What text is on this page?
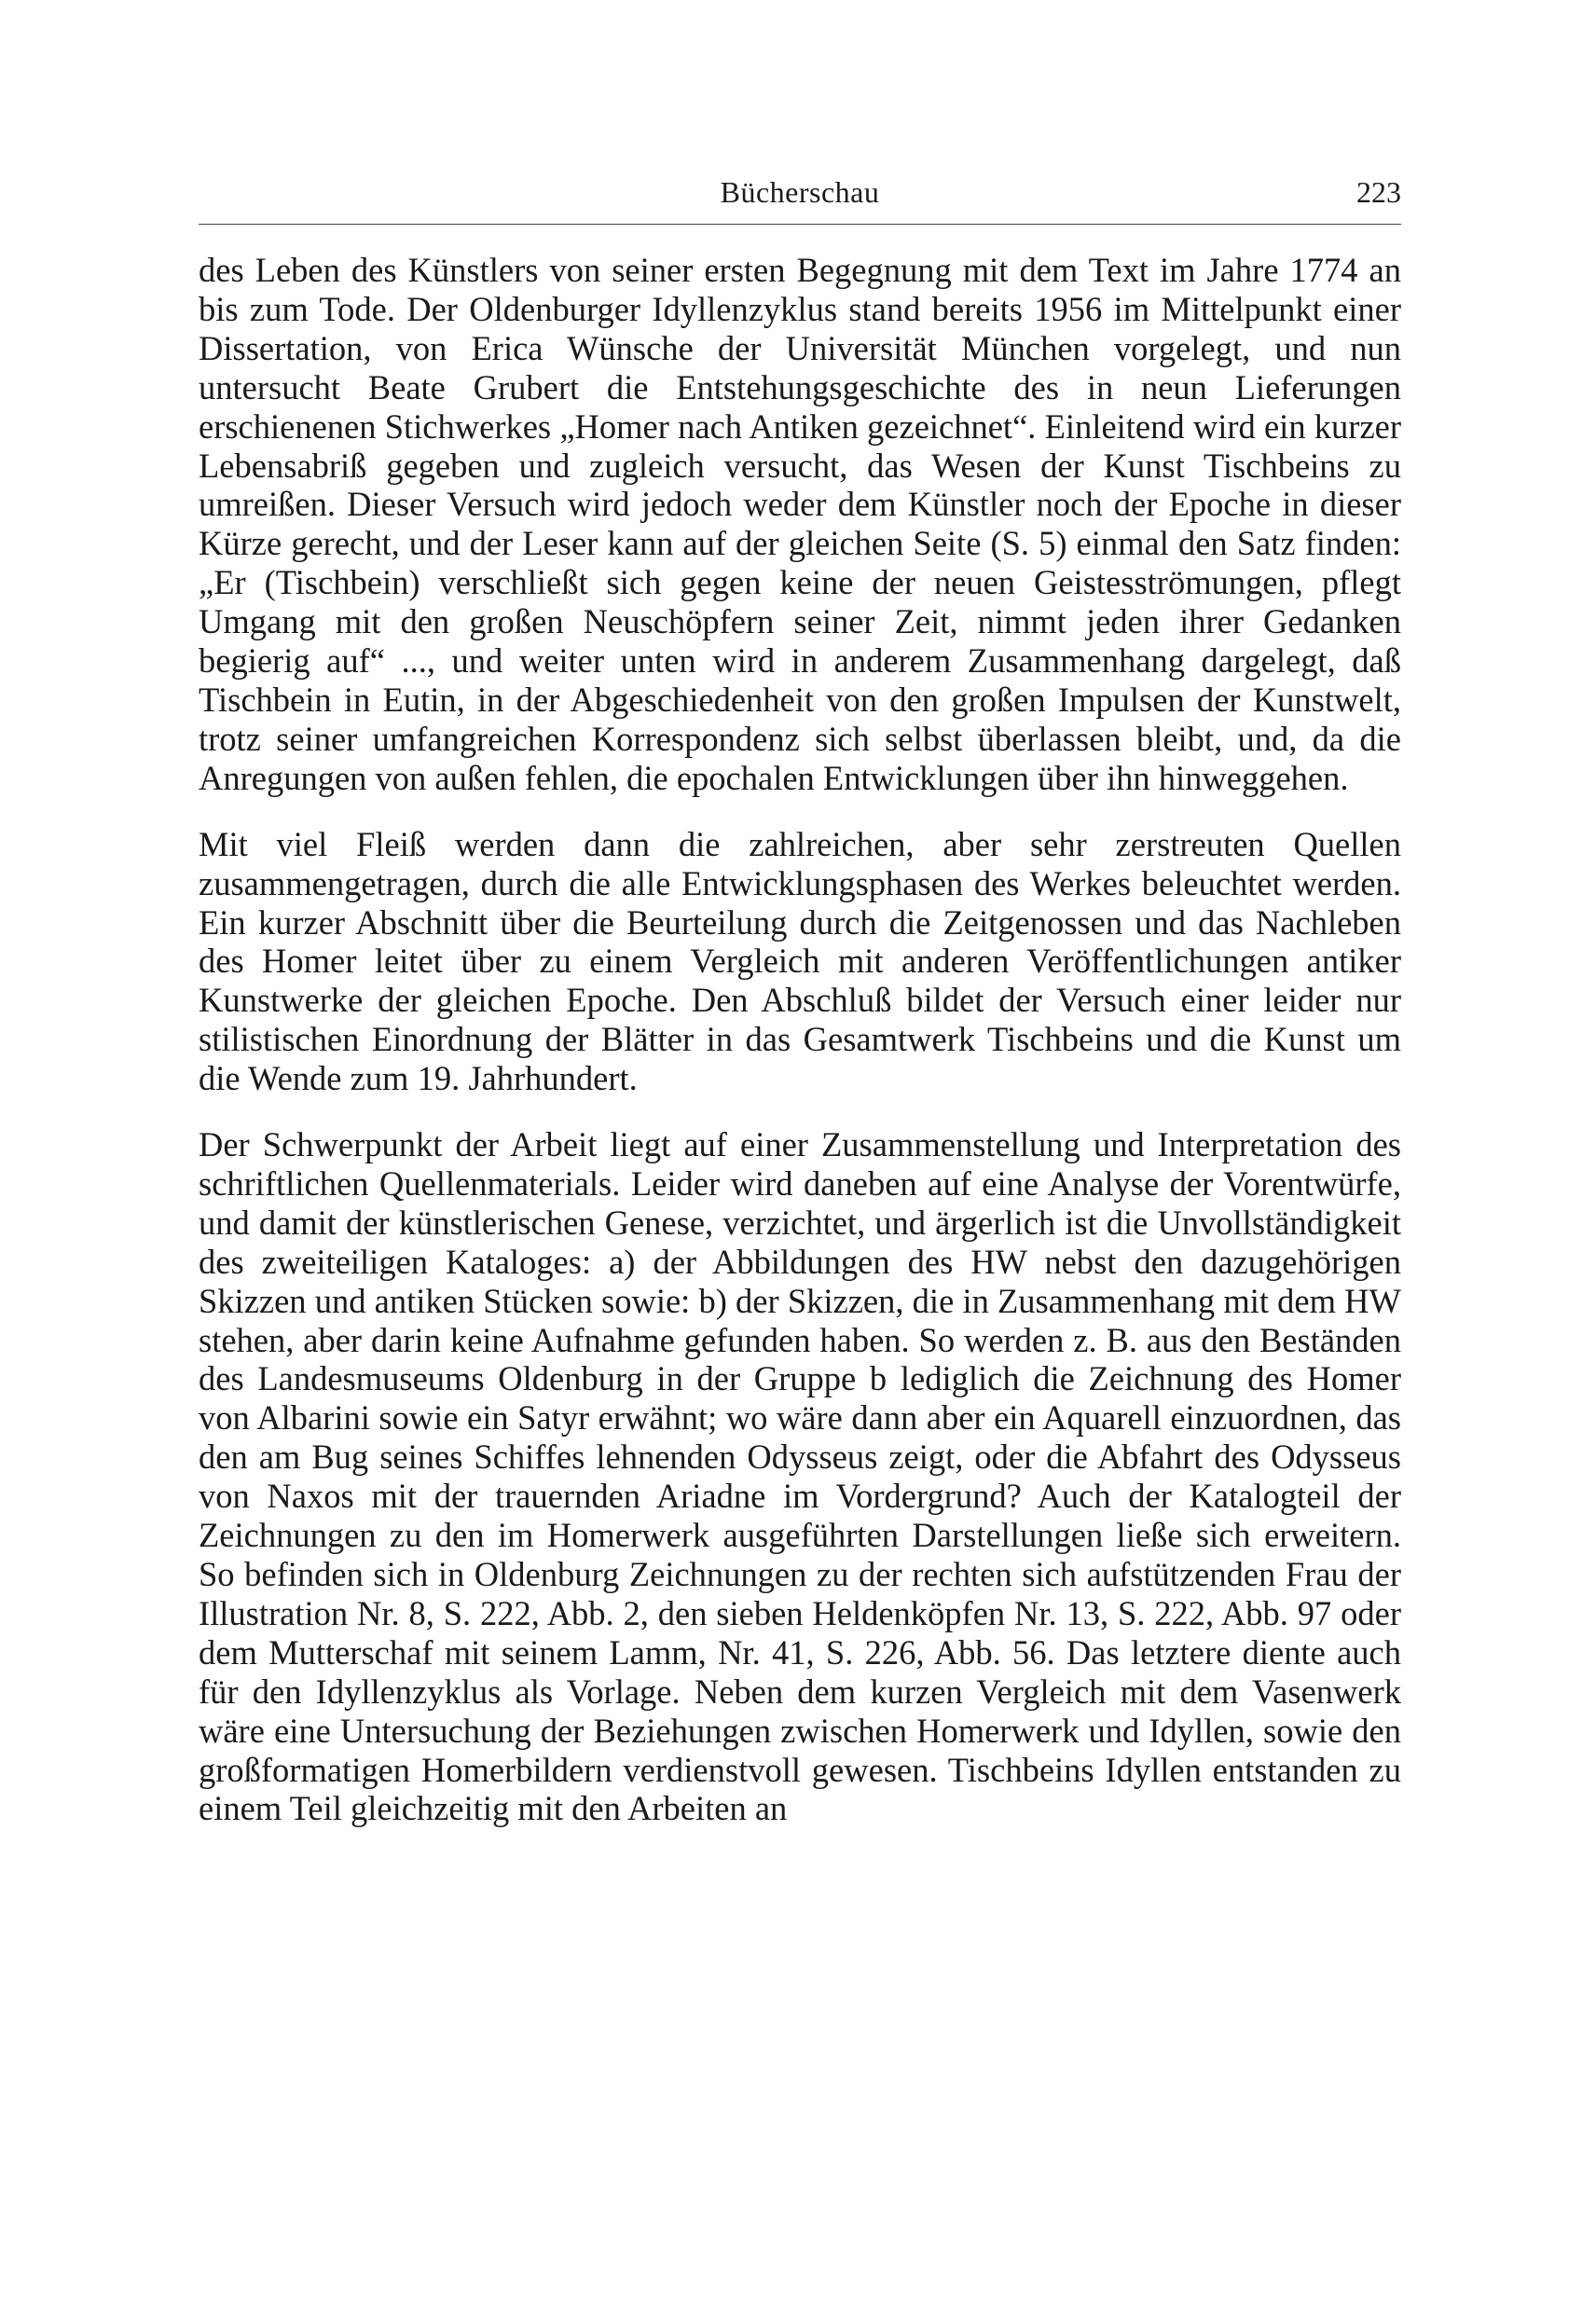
Bücherschau	223

des Leben des Künstlers von seiner ersten Begegnung mit dem Text im Jahre 1774 an bis zum Tode. Der Oldenburger Idyllenzyklus stand bereits 1956 im Mittelpunkt einer Dissertation, von Erica Wünsche der Universität München vorgelegt, und nun untersucht Beate Grubert die Entstehungsgeschichte des in neun Lieferungen erschienenen Stichwerkes „Homer nach Antiken gezeichnet“. Einleitend wird ein kurzer Lebensabriß gegeben und zugleich versucht, das Wesen der Kunst Tischbeins zu umreißen. Dieser Versuch wird jedoch weder dem Künstler noch der Epoche in dieser Kürze gerecht, und der Leser kann auf der gleichen Seite (S. 5) einmal den Satz finden: „Er (Tischbein) verschließt sich gegen keine der neuen Geistesströmungen, pflegt Umgang mit den großen Neuschöpfern seiner Zeit, nimmt jeden ihrer Gedanken begierig auf“ ..., und weiter unten wird in anderem Zusammenhang dargelegt, daß Tischbein in Eutin, in der Abgeschiedenheit von den großen Impulsen der Kunstwelt, trotz seiner umfangreichen Korrespondenz sich selbst überlassen bleibt, und, da die Anregungen von außen fehlen, die epochalen Entwicklungen über ihn hinweggehen.

Mit viel Fleiß werden dann die zahlreichen, aber sehr zerstreuten Quellen zusammengetragen, durch die alle Entwicklungsphasen des Werkes beleuchtet werden. Ein kurzer Abschnitt über die Beurteilung durch die Zeitgenossen und das Nachleben des Homer leitet über zu einem Vergleich mit anderen Veröffentlichungen antiker Kunstwerke der gleichen Epoche. Den Abschluß bildet der Versuch einer leider nur stilistischen Einordnung der Blätter in das Gesamtwerk Tischbeins und die Kunst um die Wende zum 19. Jahrhundert.

Der Schwerpunkt der Arbeit liegt auf einer Zusammenstellung und Interpretation des schriftlichen Quellenmaterials. Leider wird daneben auf eine Analyse der Vorentwürfe, und damit der künstlerischen Genese, verzichtet, und ärgerlich ist die Unvollständigkeit des zweiteiligen Kataloges: a) der Abbildungen des HW nebst den dazugehörigen Skizzen und antiken Stücken sowie: b) der Skizzen, die in Zusammenhang mit dem HW stehen, aber darin keine Aufnahme gefunden haben. So werden z. B. aus den Beständen des Landesmuseums Oldenburg in der Gruppe b lediglich die Zeichnung des Homer von Albarini sowie ein Satyr erwähnt; wo wäre dann aber ein Aquarell einzuordnen, das den am Bug seines Schiffes lehnenden Odysseus zeigt, oder die Abfahrt des Odysseus von Naxos mit der trauernden Ariadne im Vordergrund? Auch der Katalogteil der Zeichnungen zu den im Homerwerk ausgeführten Darstellungen ließe sich erweitern. So befinden sich in Oldenburg Zeichnungen zu der rechten sich aufstützenden Frau der Illustration Nr. 8, S. 222, Abb. 2, den sieben Heldenköpfen Nr. 13, S. 222, Abb. 97 oder dem Mutterschaf mit seinem Lamm, Nr. 41, S. 226, Abb. 56. Das letztere diente auch für den Idyllenzyklus als Vorlage. Neben dem kurzen Vergleich mit dem Vasenwerk wäre eine Untersuchung der Beziehungen zwischen Homerwerk und Idyllen, sowie den großformatigen Homerbildern verdienstvoll gewesen. Tischbeins Idyllen entstanden zu einem Teil gleichzeitig mit den Arbeiten an
